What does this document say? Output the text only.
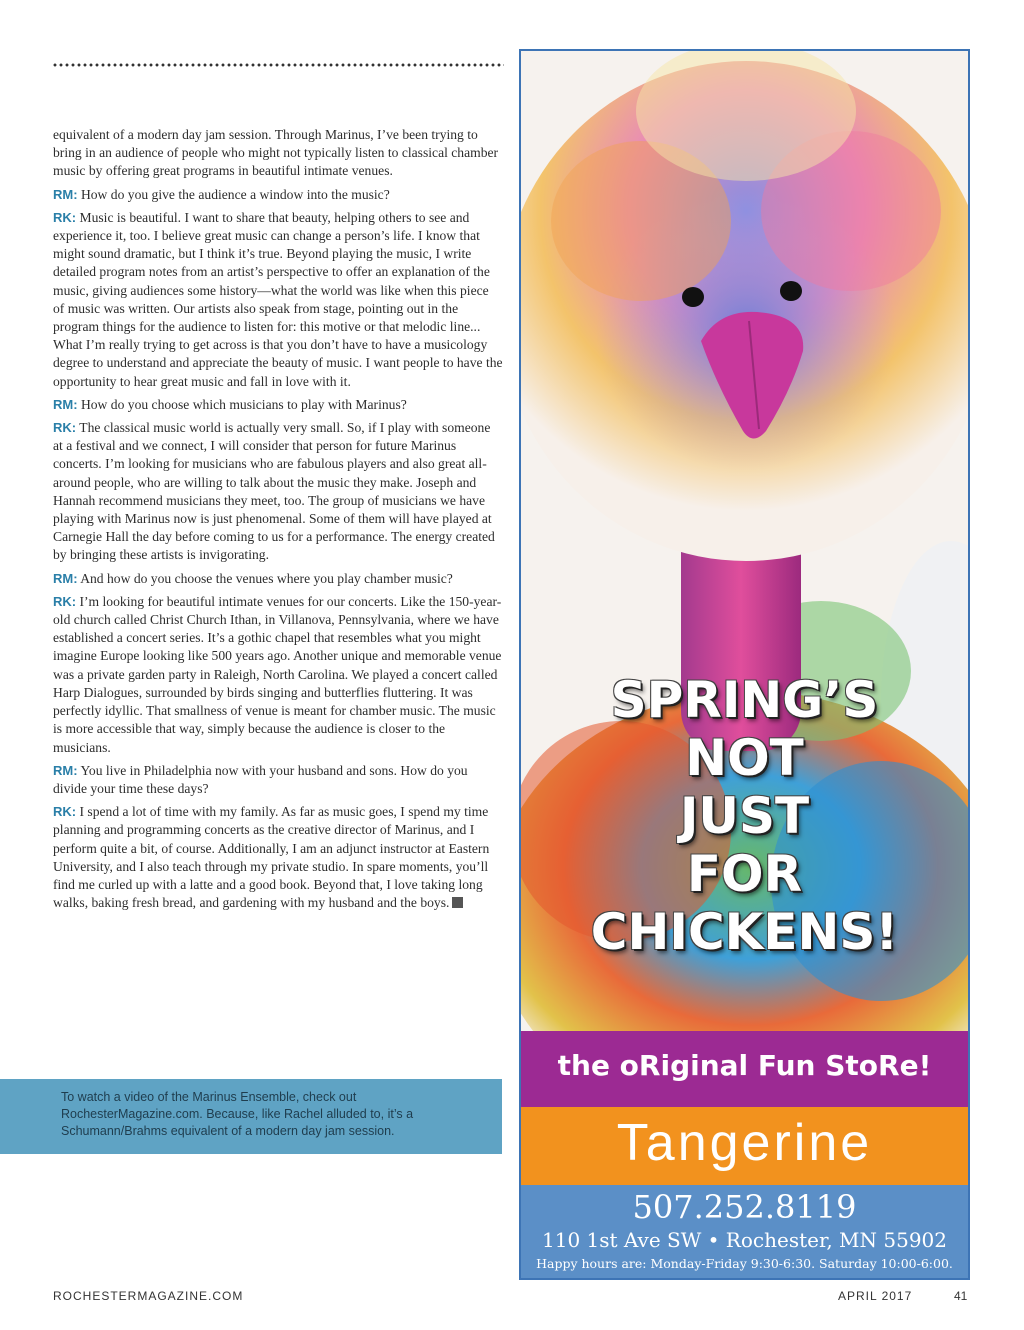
equivalent of a modern day jam session. Through Marinus, I’ve been trying to bring in an audience of people who might not typically listen to classical chamber music by offering great programs in beautiful intimate venues.

RM: How do you give the audience a window into the music?

RK: Music is beautiful. I want to share that beauty, helping others to see and experience it, too. I believe great music can change a person’s life. I know that might sound dramatic, but I think it’s true. Beyond playing the music, I write detailed program notes from an artist’s perspective to offer an explanation of the music, giving audiences some history—what the world was like when this piece of music was written. Our artists also speak from stage, pointing out in the program things for the audience to listen for: this motive or that melodic line... What I’m really trying to get across is that you don’t have to have a musicology degree to understand and appreciate the beauty of music. I want people to have the opportunity to hear great music and fall in love with it.

RM: How do you choose which musicians to play with Marinus?

RK: The classical music world is actually very small. So, if I play with someone at a festival and we connect, I will consider that person for future Marinus concerts. I’m looking for musicians who are fabulous players and also great all-around people, who are willing to talk about the music they make. Joseph and Hannah recommend musicians they meet, too. The group of musicians we have playing with Marinus now is just phenomenal. Some of them will have played at Carnegie Hall the day before coming to us for a performance. The energy created by bringing these artists is invigorating.

RM: And how do you choose the venues where you play chamber music?

RK: I’m looking for beautiful intimate venues for our concerts. Like the 150-year-old church called Christ Church Ithan, in Villanova, Pennsylvania, where we have established a concert series. It’s a gothic chapel that resembles what you might imagine Europe looking like 500 years ago. Another unique and memorable venue was a private garden party in Raleigh, North Carolina. We played a concert called Harp Dialogues, surrounded by birds singing and butterflies fluttering. It was perfectly idyllic. That smallness of venue is meant for chamber music. The music is more accessible that way, simply because the audience is closer to the musicians.

RM: You live in Philadelphia now with your husband and sons. How do you divide your time these days?

RK: I spend a lot of time with my family. As far as music goes, I spend my time planning and programming concerts as the creative director of Marinus, and I perform quite a bit, of course. Additionally, I am an adjunct instructor at Eastern University, and I also teach through my private studio. In spare moments, you’ll find me curled up with a latte and a good book. Beyond that, I love taking long walks, baking fresh bread, and gardening with my husband and the boys.

To watch a video of the Marinus Ensemble, check out RochesterMagazine.com. Because, like Rachel alluded to, it’s a Schumann/Brahms equivalent of a modern day jam session.
SPRING’S
NOT
JUST
FOR
CHICKENS!
the oRiginal Fun StoRe!
Tangerine
507.252.8119
110 1st Ave SW • Rochester, MN 55902
Happy hours are: Monday-Friday 9:30-6:30. Saturday 10:00-6:00.
ROCHESTERMAGAZINE.COM	APRIL 2017	41
